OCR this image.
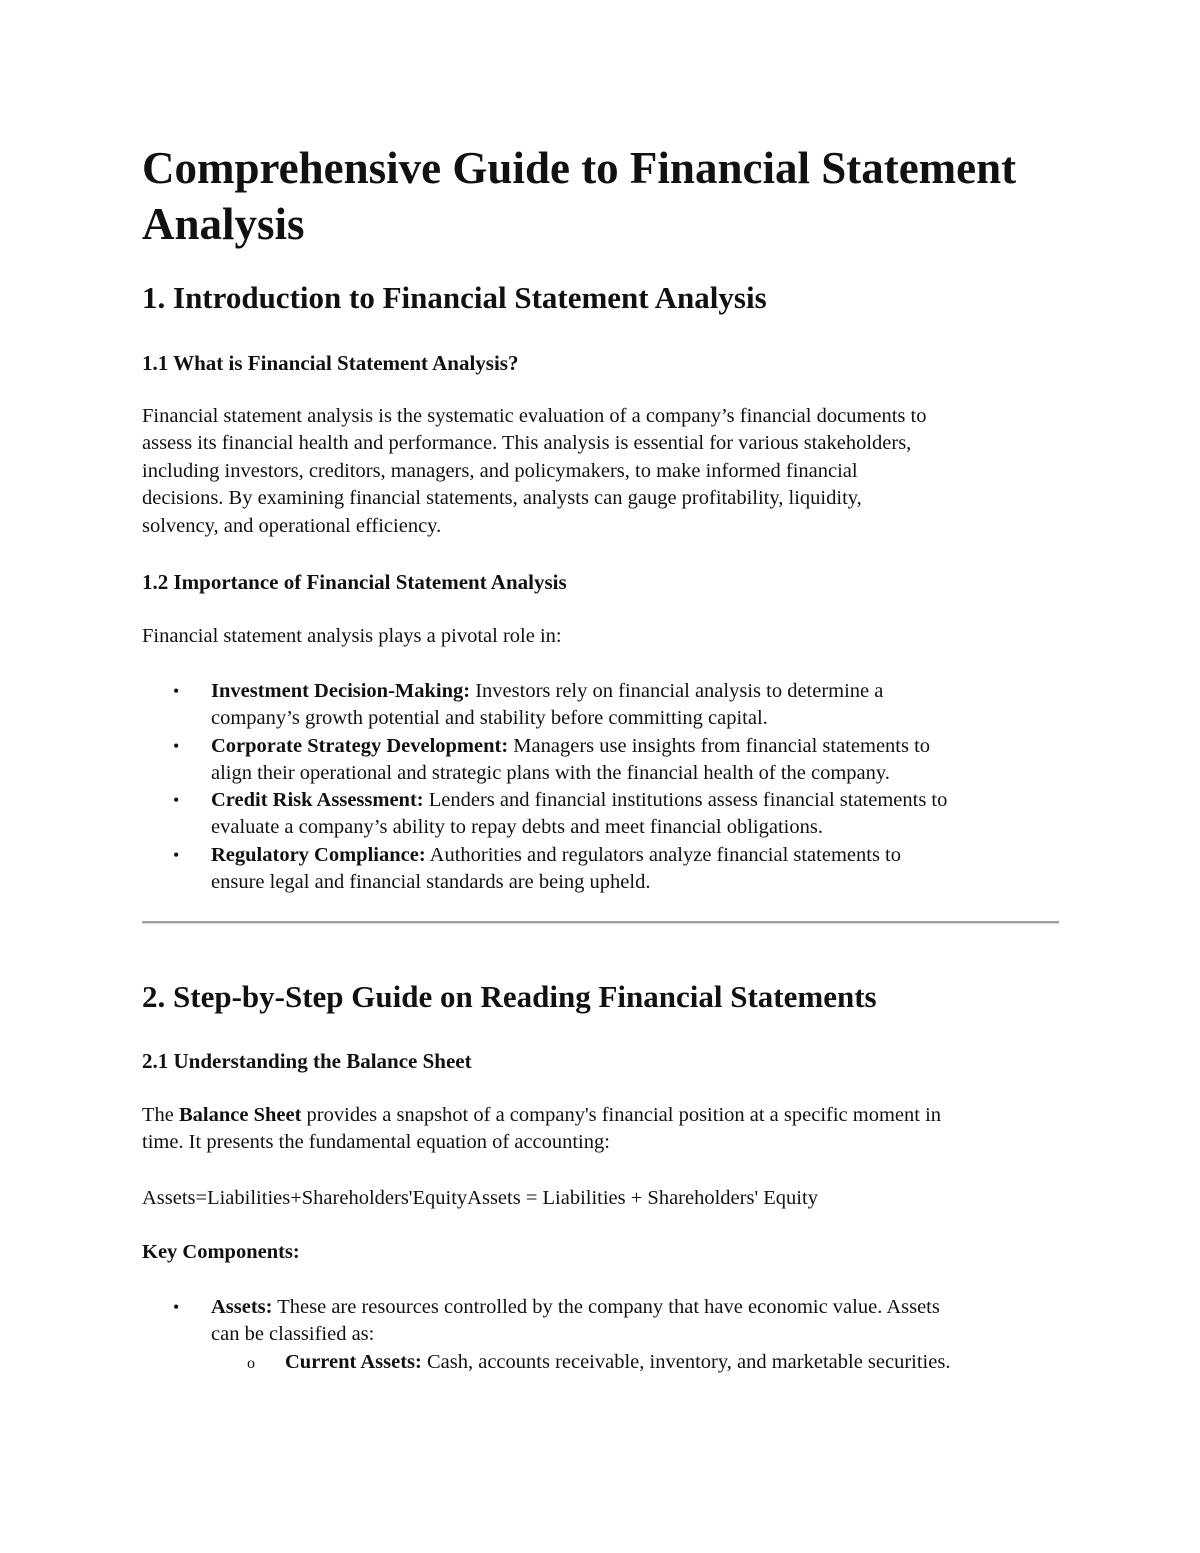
Comprehensive Guide to Financial Statement Analysis
1. Introduction to Financial Statement Analysis
1.1 What is Financial Statement Analysis?
Financial statement analysis is the systematic evaluation of a company’s financial documents to
assess its financial health and performance. This analysis is essential for various stakeholders,
including investors, creditors, managers, and policymakers, to make informed financial
decisions. By examining financial statements, analysts can gauge profitability, liquidity,
solvency, and operational efficiency.
1.2 Importance of Financial Statement Analysis
Financial statement analysis plays a pivotal role in:
• Investment Decision-Making: Investors rely on financial analysis to determine a
company’s growth potential and stability before committing capital.
• Corporate Strategy Development: Managers use insights from financial statements to
align their operational and strategic plans with the financial health of the company.
• Credit Risk Assessment: Lenders and financial institutions assess financial statements to
evaluate a company’s ability to repay debts and meet financial obligations.
• Regulatory Compliance: Authorities and regulators analyze financial statements to
ensure legal and financial standards are being upheld.
2. Step-by-Step Guide on Reading Financial Statements
2.1 Understanding the Balance Sheet
The Balance Sheet provides a snapshot of a company's financial position at a specific moment in
time. It presents the fundamental equation of accounting:
Assets=Liabilities+Shareholders'EquityAssets = Liabilities + Shareholders' Equity
Key Components:
• Assets: These are resources controlled by the company that have economic value. Assets
can be classified as:
o Current Assets: Cash, accounts receivable, inventory, and marketable securities.
